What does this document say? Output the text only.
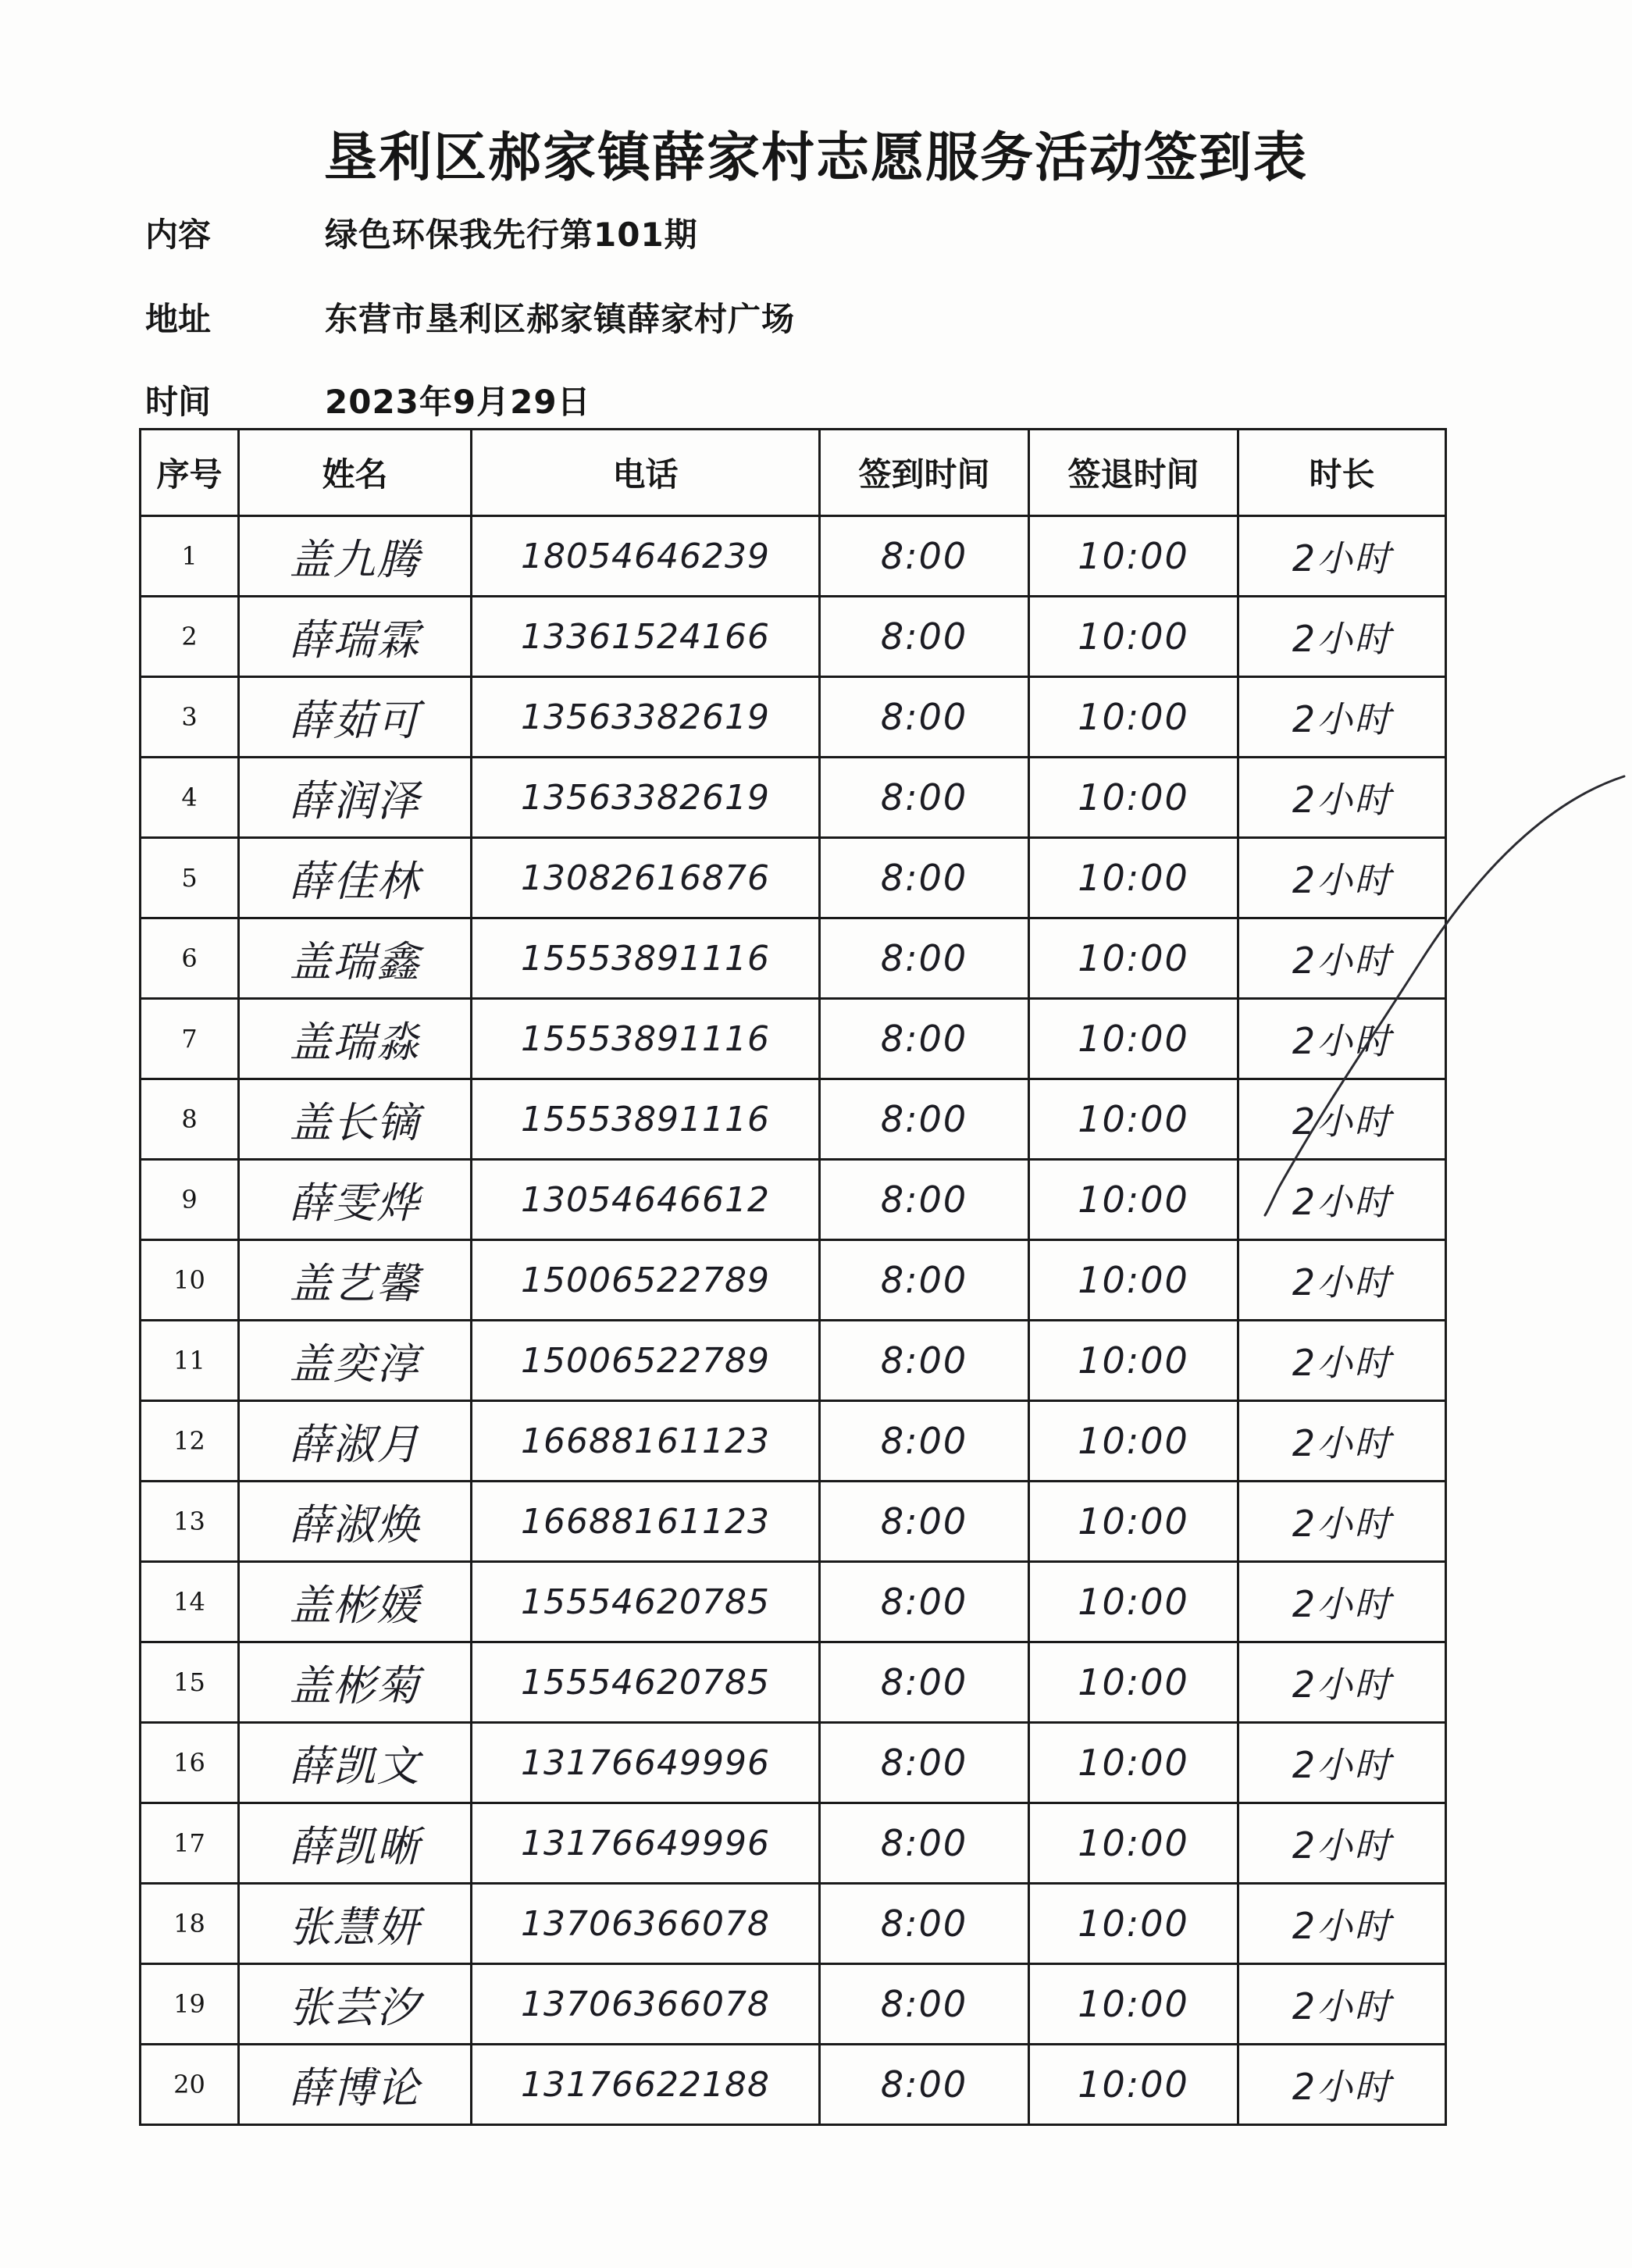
垦利区郝家镇薛家村志愿服务活动签到表
内容	绿色环保我先行第101期
地址	东营市垦利区郝家镇薛家村广场
时间	2023年9月29日
序号	姓名	电话	签到时间	签退时间	时长
1	盖九腾	18054646239	8:00	10:00	2小时
2	薛瑞霖	13361524166	8:00	10:00	2小时
3	薛茹可	13563382619	8:00	10:00	2小时
4	薛润泽	13563382619	8:00	10:00	2小时
5	薛佳林	13082616876	8:00	10:00	2小时
6	盖瑞鑫	15553891116	8:00	10:00	2小时
7	盖瑞淼	15553891116	8:00	10:00	2小时
8	盖长镝	15553891116	8:00	10:00	2小时
9	薛雯烨	13054646612	8:00	10:00	2小时
10	盖艺馨	15006522789	8:00	10:00	2小时
11	盖奕淳	15006522789	8:00	10:00	2小时
12	薛淑月	16688161123	8:00	10:00	2小时
13	薛淑焕	16688161123	8:00	10:00	2小时
14	盖彬媛	15554620785	8:00	10:00	2小时
15	盖彬菊	15554620785	8:00	10:00	2小时
16	薛凯文	13176649996	8:00	10:00	2小时
17	薛凯晰	13176649996	8:00	10:00	2小时
18	张慧妍	13706366078	8:00	10:00	2小时
19	张芸汐	13706366078	8:00	10:00	2小时
20	薛博论	13176622188	8:00	10:00	2小时
